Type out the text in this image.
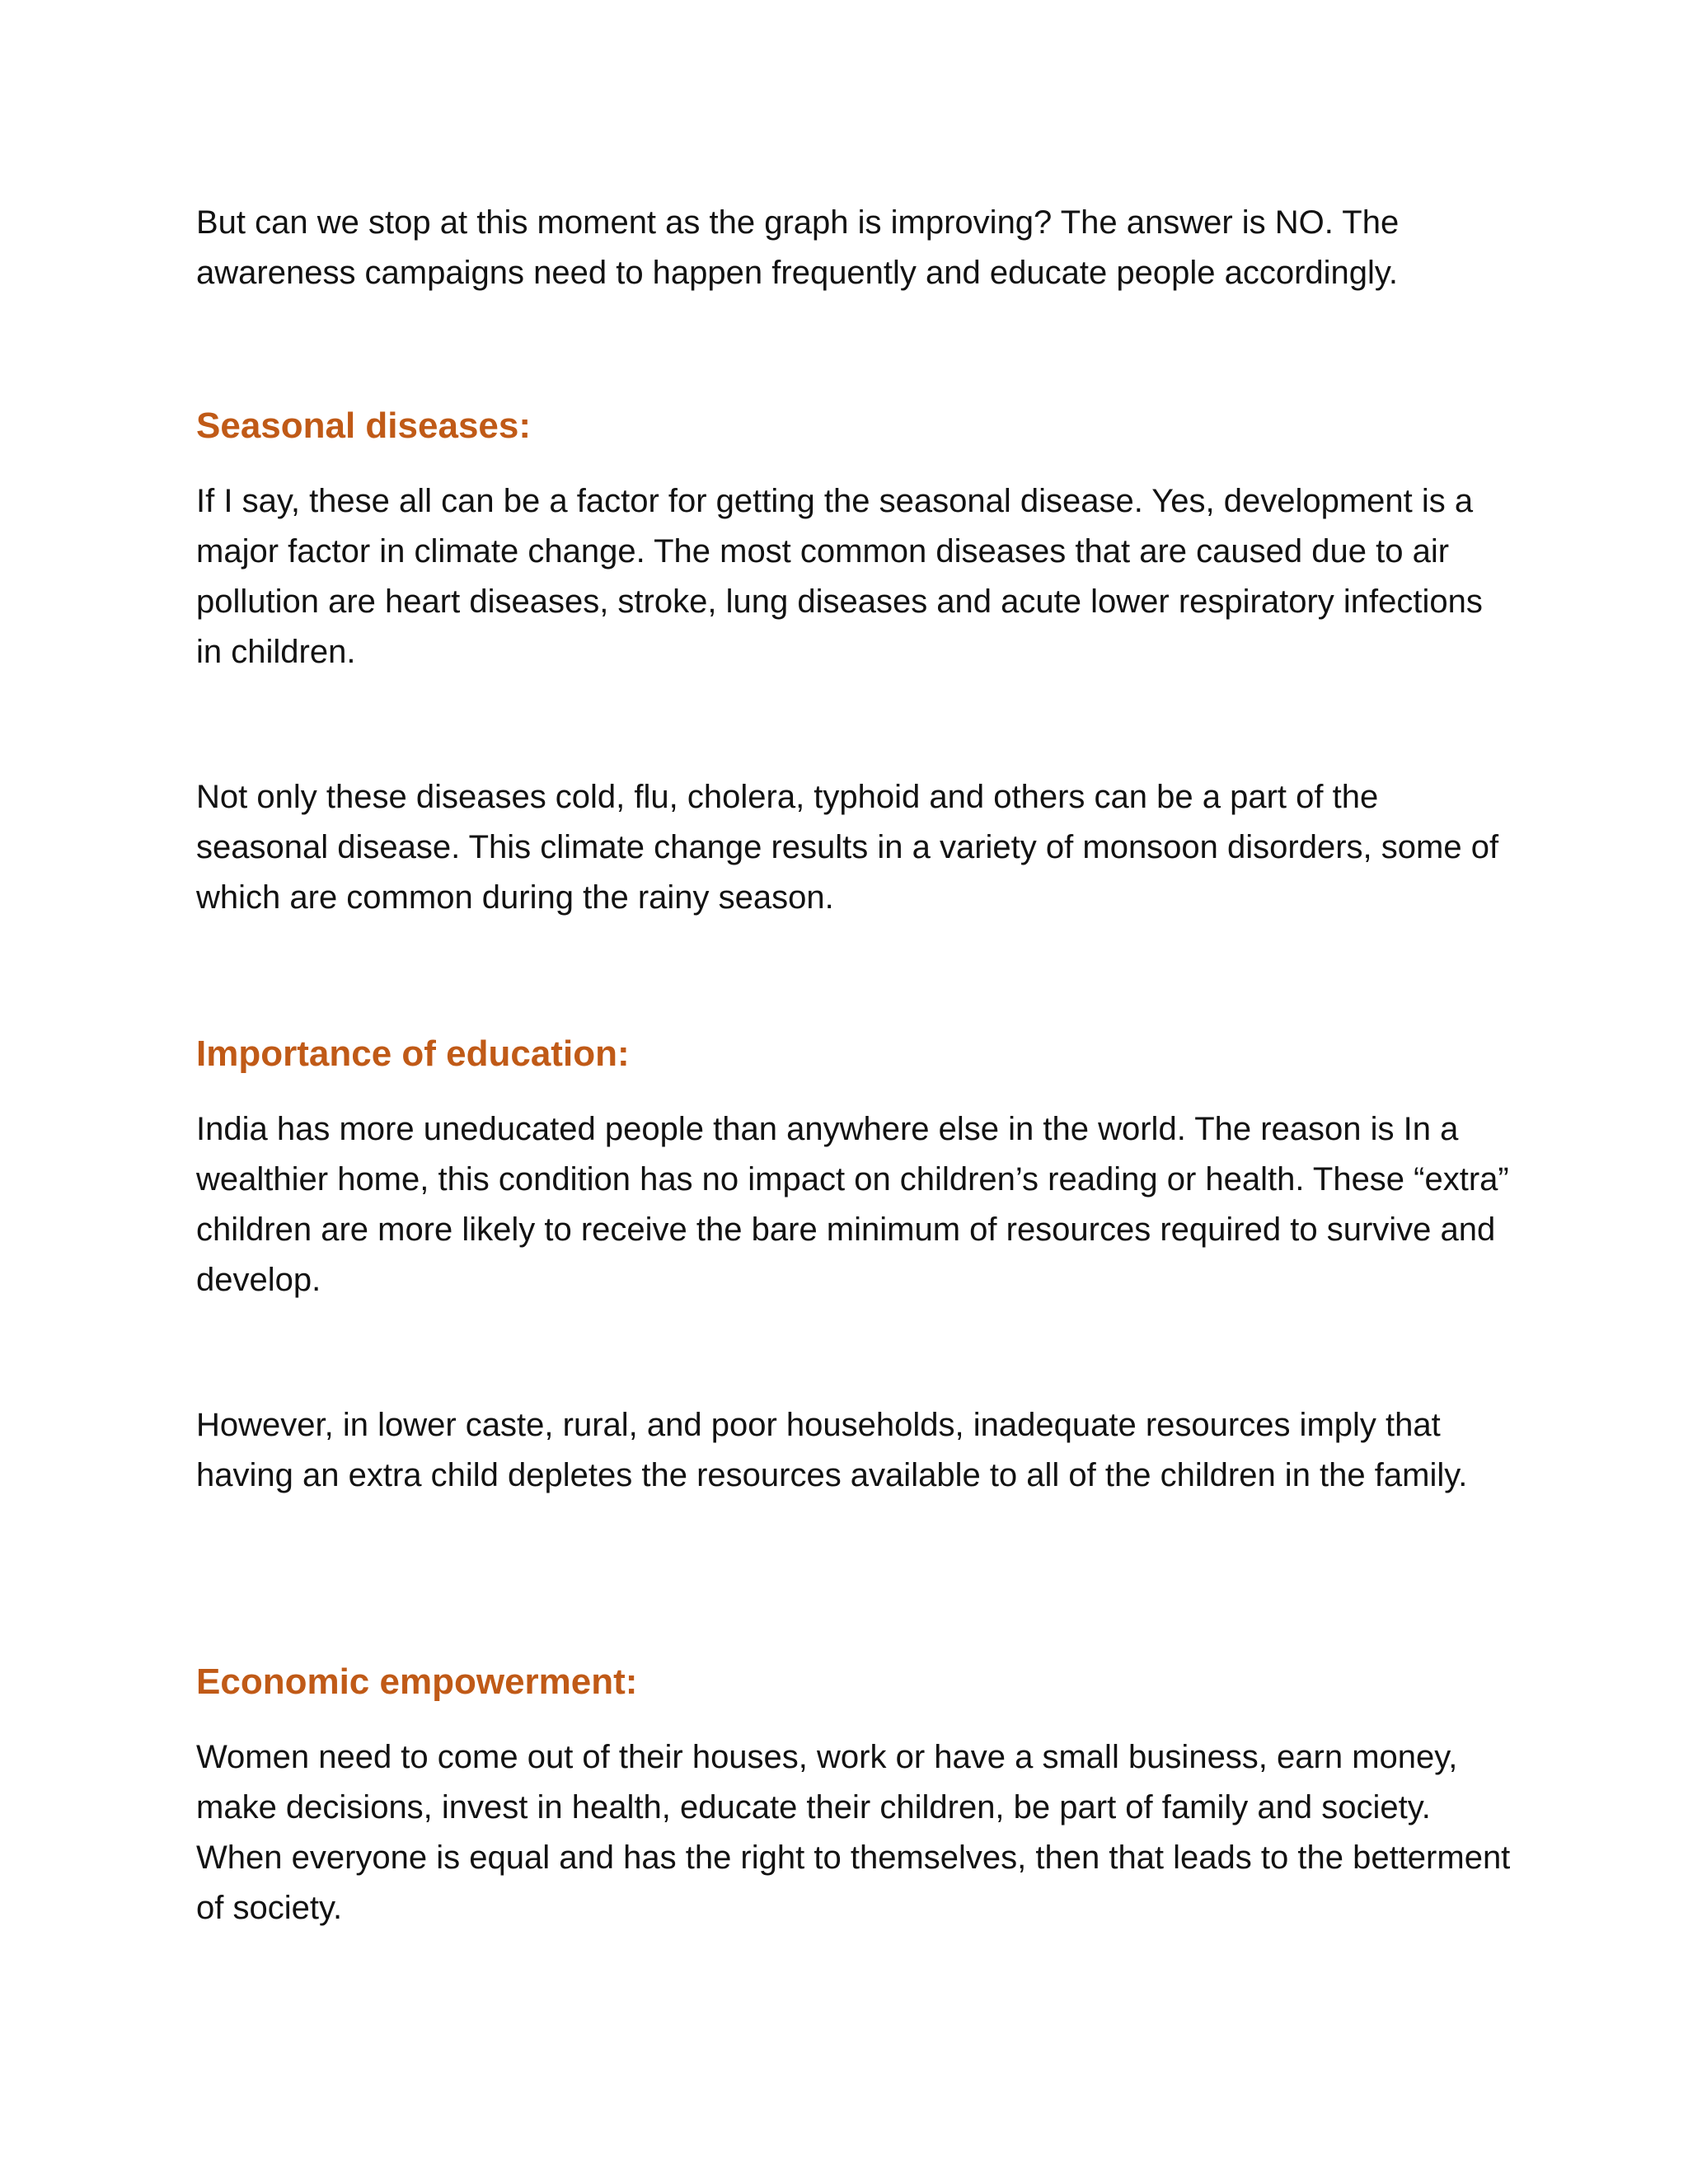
But can we stop at this moment as the graph is improving? The answer is NO. The awareness campaigns need to happen frequently and educate people accordingly.

Seasonal diseases:

If I say, these all can be a factor for getting the seasonal disease. Yes, development is a major factor in climate change. The most common diseases that are caused due to air pollution are heart diseases, stroke, lung diseases and acute lower respiratory infections in children.

Not only these diseases cold, flu, cholera, typhoid and others can be a part of the seasonal disease. This climate change results in a variety of monsoon disorders, some of which are common during the rainy season.

Importance of education:

India has more uneducated people than anywhere else in the world. The reason is In a wealthier home, this condition has no impact on children’s reading or health. These “extra” children are more likely to receive the bare minimum of resources required to survive and develop.

However, in lower caste, rural, and poor households, inadequate resources imply that having an extra child depletes the resources available to all of the children in the family.

Economic empowerment:

Women need to come out of their houses, work or have a small business, earn money, make decisions, invest in health, educate their children, be part of family and society. When everyone is equal and has the right to themselves, then that leads to the betterment of society.
